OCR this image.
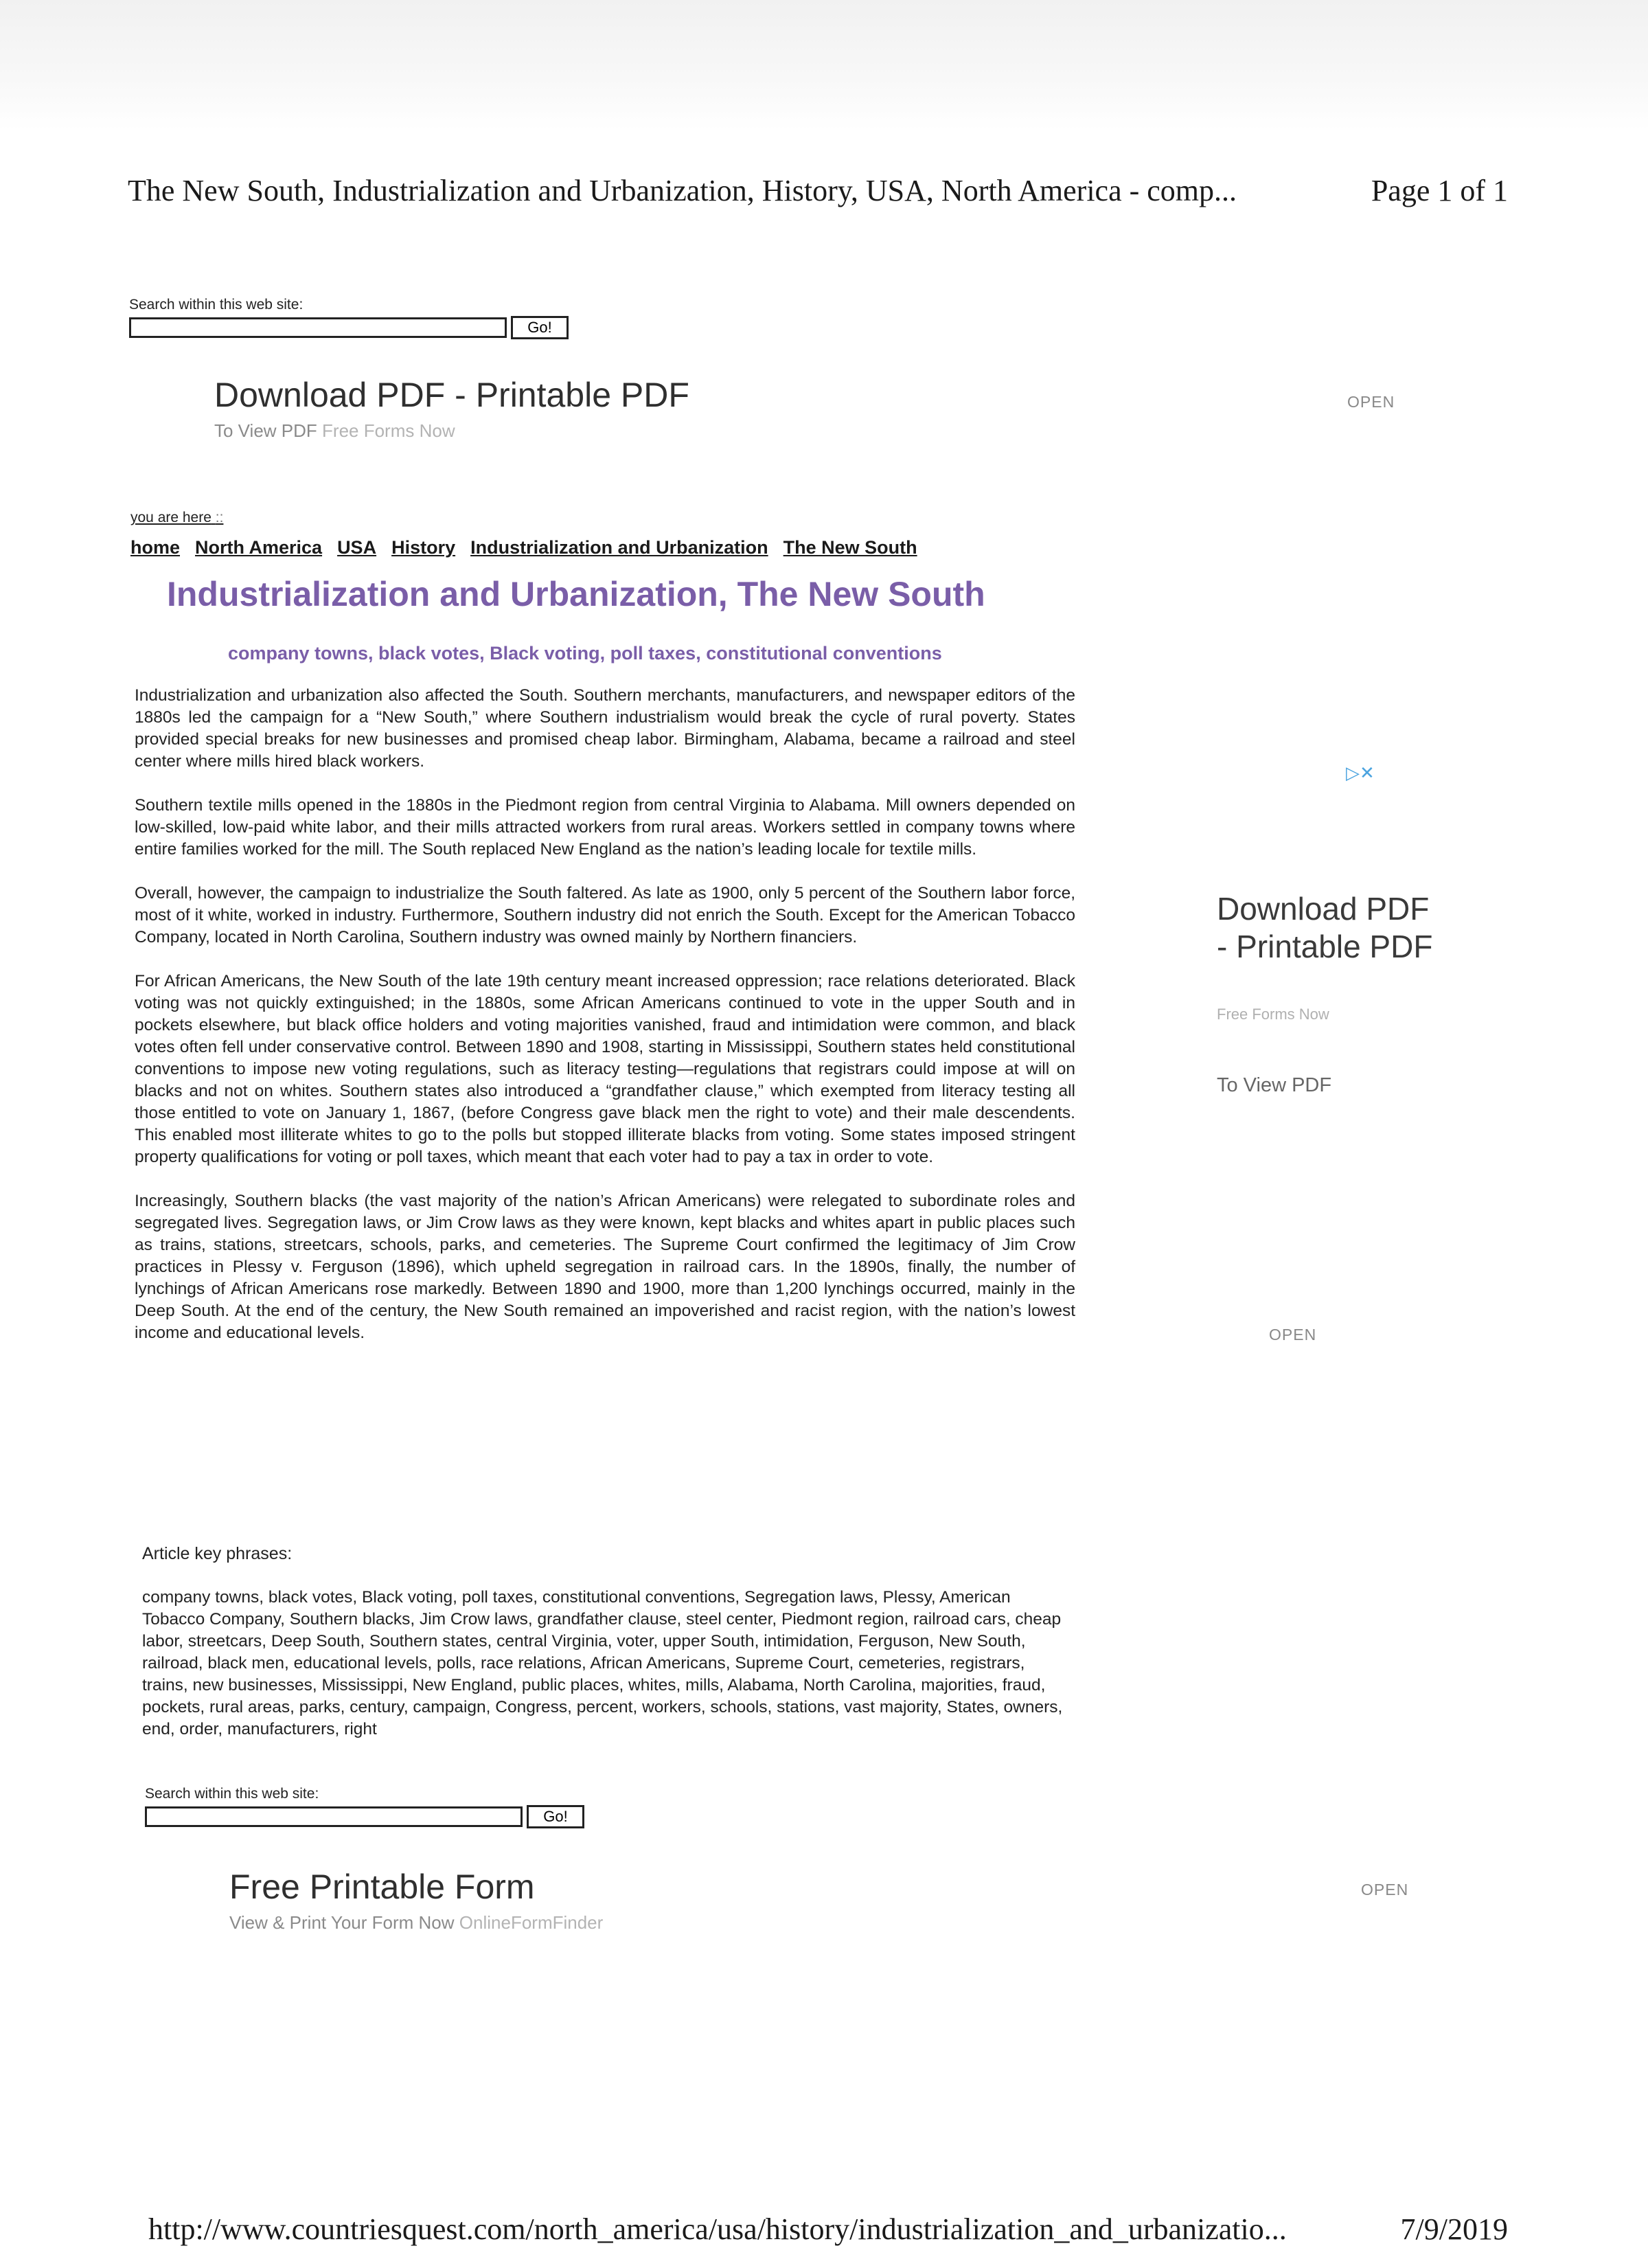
The New South, Industrialization and Urbanization, History, USA, North America - comp...	Page 1 of 1
Search within this web site:
Go!
Download PDF - Printable PDF
To View PDF Free Forms Now
OPEN
you are here ::
home North America USA History Industrialization and Urbanization The New South
Industrialization and Urbanization, The New South
company towns, black votes, Black voting, poll taxes, constitutional conventions

Industrialization and urbanization also affected the South. Southern merchants, manufacturers, and newspaper editors of the 1880s led the campaign for a “New South,” where Southern industrialism would break the cycle of rural poverty. States provided special breaks for new businesses and promised cheap labor. Birmingham, Alabama, became a railroad and steel center where mills hired black workers.

Southern textile mills opened in the 1880s in the Piedmont region from central Virginia to Alabama. Mill owners depended on low-skilled, low-paid white labor, and their mills attracted workers from rural areas. Workers settled in company towns where entire families worked for the mill. The South replaced New England as the nation’s leading locale for textile mills.

Overall, however, the campaign to industrialize the South faltered. As late as 1900, only 5 percent of the Southern labor force, most of it white, worked in industry. Furthermore, Southern industry did not enrich the South. Except for the American Tobacco Company, located in North Carolina, Southern industry was owned mainly by Northern financiers.

For African Americans, the New South of the late 19th century meant increased oppression; race relations deteriorated. Black voting was not quickly extinguished; in the 1880s, some African Americans continued to vote in the upper South and in pockets elsewhere, but black office holders and voting majorities vanished, fraud and intimidation were common, and black votes often fell under conservative control. Between 1890 and 1908, starting in Mississippi, Southern states held constitutional conventions to impose new voting regulations, such as literacy testing—regulations that registrars could impose at will on blacks and not on whites. Southern states also introduced a “grandfather clause,” which exempted from literacy testing all those entitled to vote on January 1, 1867, (before Congress gave black men the right to vote) and their male descendents. This enabled most illiterate whites to go to the polls but stopped illiterate blacks from voting. Some states imposed stringent property qualifications for voting or poll taxes, which meant that each voter had to pay a tax in order to vote.

Increasingly, Southern blacks (the vast majority of the nation’s African Americans) were relegated to subordinate roles and segregated lives. Segregation laws, or Jim Crow laws as they were known, kept blacks and whites apart in public places such as trains, stations, streetcars, schools, parks, and cemeteries. The Supreme Court confirmed the legitimacy of Jim Crow practices in Plessy v. Ferguson (1896), which upheld segregation in railroad cars. In the 1890s, finally, the number of lynchings of African Americans rose markedly. Between 1890 and 1900, more than 1,200 lynchings occurred, mainly in the Deep South. At the end of the century, the New South remained an impoverished and racist region, with the nation’s lowest income and educational levels.

Article key phrases:
company towns, black votes, Black voting, poll taxes, constitutional conventions, Segregation laws, Plessy, American Tobacco Company, Southern blacks, Jim Crow laws, grandfather clause, steel center, Piedmont region, railroad cars, cheap labor, streetcars, Deep South, Southern states, central Virginia, voter, upper South, intimidation, Ferguson, New South, railroad, black men, educational levels, polls, race relations, African Americans, Supreme Court, cemeteries, registrars, trains, new businesses, Mississippi, New England, public places, whites, mills, Alabama, North Carolina, majorities, fraud, pockets, rural areas, parks, century, campaign, Congress, percent, workers, schools, stations, vast majority, States, owners, end, order, manufacturers, right
Search within this web site:
Go!
Free Printable Form
View & Print Your Form Now OnlineFormFinder
OPEN
▷✕
Download PDF - Printable PDF
Free Forms Now
To View PDF
OPEN
http://www.countriesquest.com/north_america/usa/history/industrialization_and_urbanizatio...	7/9/2019
